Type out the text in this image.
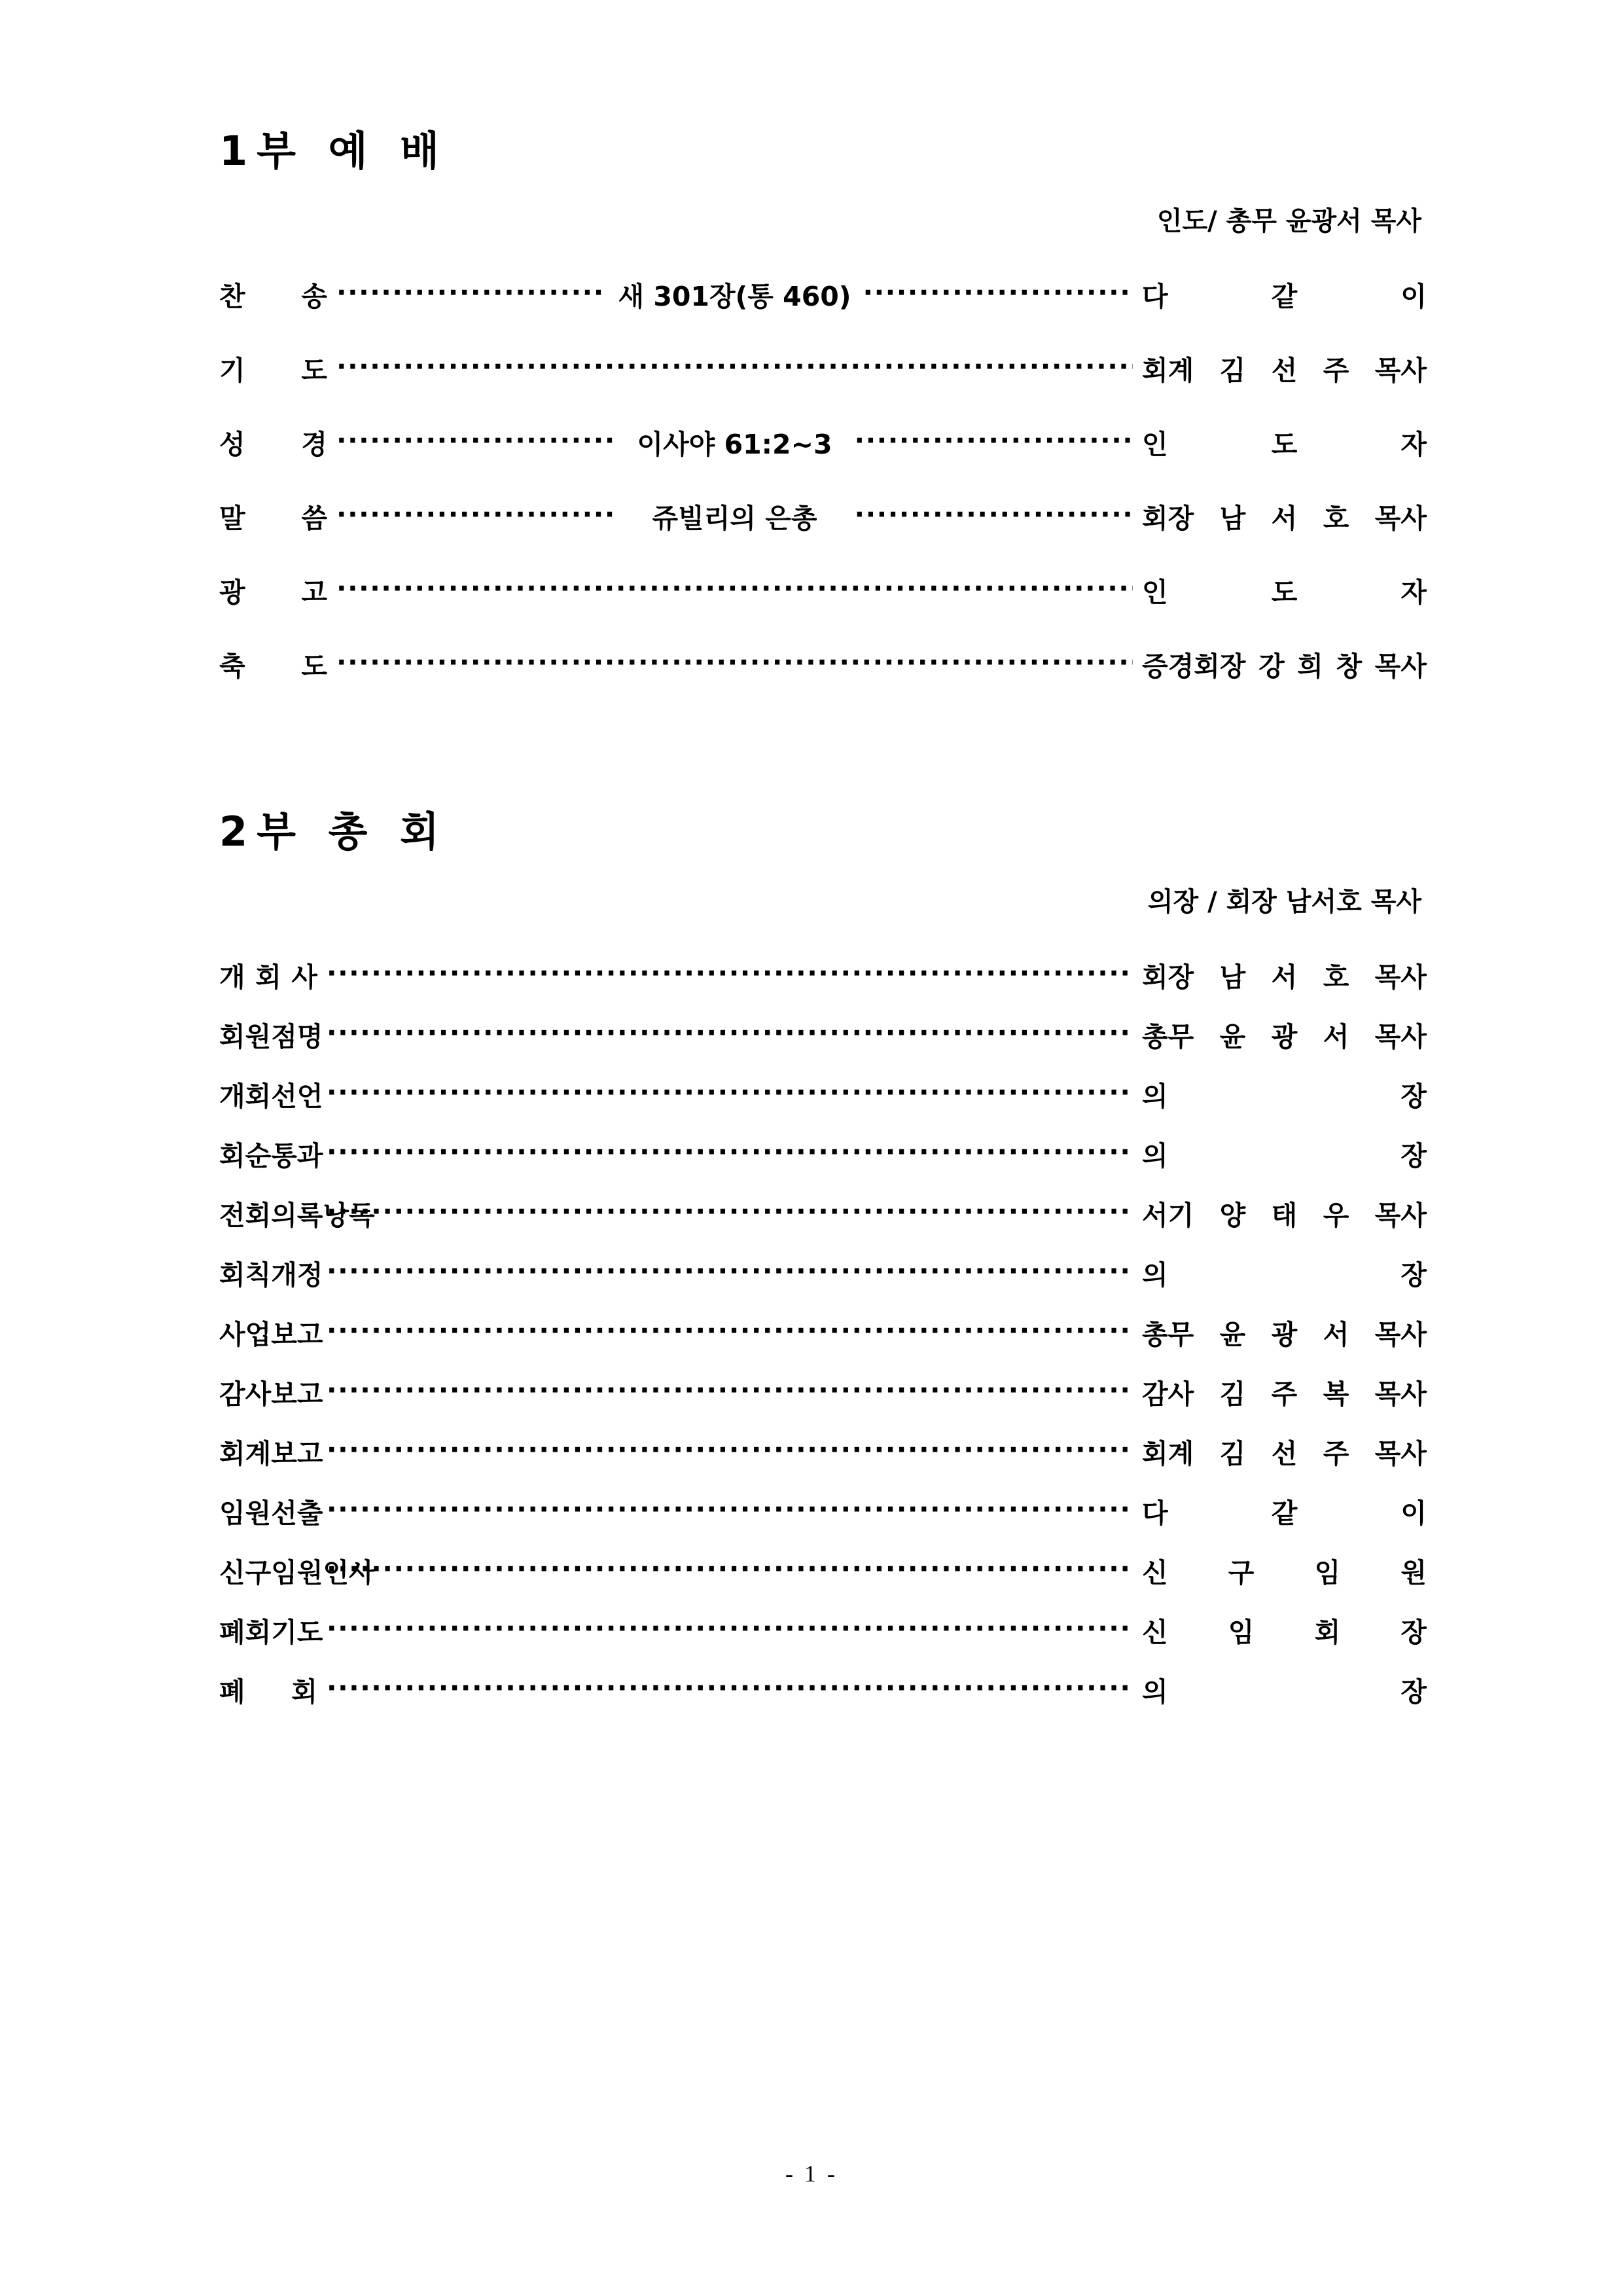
1부 예 배
인도/ 총무 윤광서 목사
찬 송 ·····	새 301장(통 460) ·····	다	같	이
기 도 ·····	회계 김 선 주 목사
성 경 ·····	이사야 61:2~3 ·····	인	도	자
말 씀 ·····	쥬빌리의 은총 ·····	회장 남 서 호 목사
광 고 ·····	인	도	자
축 도 ·····	증경회장 강 희 창 목사
2부 총 회
의장 / 회장 남서호 목사
개 회 사 ·····	회장 남 서 호 목사
회 원 점 명 ·····	총무 윤 광 서 목사
개 회 선 언 ·····	의	장
회 순 통 과 ·····	의	장
전 회 의 록 낭 독 ·····	서기 양 태 우 목사
회 칙 개 정 ·····	의	장
사 업 보 고 ·····	총무 윤 광 서 목사
감 사 보 고 ·····	감사 김 주 복 목사
회 계 보 고 ·····	회계 김 선 주 목사
임 원 선 출 ·····	다	같	이
신 구 임 원 인 사 ·····	신 구 임 원
폐 회 기 도 ·····	신 임 회 장
폐 회 ·····	의	장
- 1 -
